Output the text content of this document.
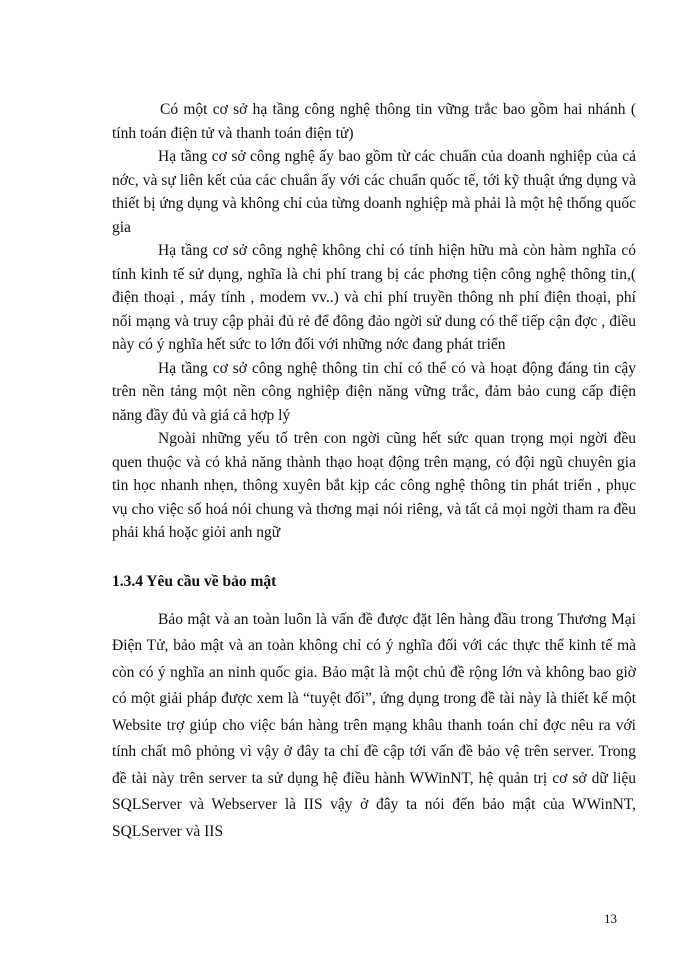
Có một cơ sở hạ tầng công nghệ thông tin vững trắc bao gồm hai nhánh ( tính toán điện tử và thanh toán điện tử)

Hạ tầng cơ sở công nghệ ấy bao gồm từ các chuẩn của doanh nghiệp của cả nớc, và sự liên kết của các chuẩn ấy với các chuẩn quốc tế, tới kỹ thuật ứng dụng và thiết bị ứng dụng và không chỉ của từng doanh nghiệp mà phải là một hệ thống quốc gia

Hạ tầng cơ sở công nghệ không chỉ có tính hiện hữu mà còn hàm nghĩa có tính kinh tế sử dụng, nghĩa là chi phí trang bị các phơng tiện công nghệ thông tin,( điện thoại , máy tính , modem vv..) và chi phí truyền thông nh phí điện thoại, phí nối mạng và truy cập phải đủ rẻ để đông đảo ngời sử dung có thể tiếp cận đợc , điều này có ý nghĩa hết sức to lớn đối với những nớc đang phát triển

Hạ tầng cơ sở công nghệ thông tin chỉ có thể có và hoạt động đáng tin cậy trên nền tảng một nền công nghiệp điện năng vững trắc, đảm bảo cung cấp điện năng đầy đủ và giá cả hợp lý

Ngoài những yếu tố trên con ngời cũng hết sức quan trọng mọi ngời đều quen thuộc và có khả năng thành thạo hoạt động trên mạng, có đội ngũ chuyên gia tin học nhanh nhẹn, thông xuyên bắt kịp các công nghệ thông tin phát triển , phục vụ cho việc số hoá nói chung và thơng mại nói riêng, và tất cả mọi ngời tham ra đều phải khá hoặc giỏi anh ngữ

1.3.4 Yêu cầu về bảo mật

Bảo mật và an toàn luôn là vấn đề được đặt lên hàng đầu trong Thương Mại Điện Tử, bảo mật và an toàn không chỉ có ý nghĩa đối với các thực thể kinh tế mà còn có ý nghĩa an ninh quốc gia. Bảo mật là một chủ đề rộng lớn và không bao giờ có một giải pháp được xem là “tuyệt đối”, ứng dụng trong đề tài này là thiết kế một Website trợ giúp cho việc bán hàng trên mạng khâu thanh toán chỉ đợc nêu ra với tính chất mô phỏng vì vậy ở đây ta chỉ đề cập tới vấn đề bảo vệ trên server. Trong đề tài này trên server ta sử dụng hệ điều hành WWinNT, hệ quản trị cơ sở dữ liệu SQLServer và Webserver là IIS vậy ở đây ta nói đến bảo mật của WWinNT, SQLServer và IIS

13
